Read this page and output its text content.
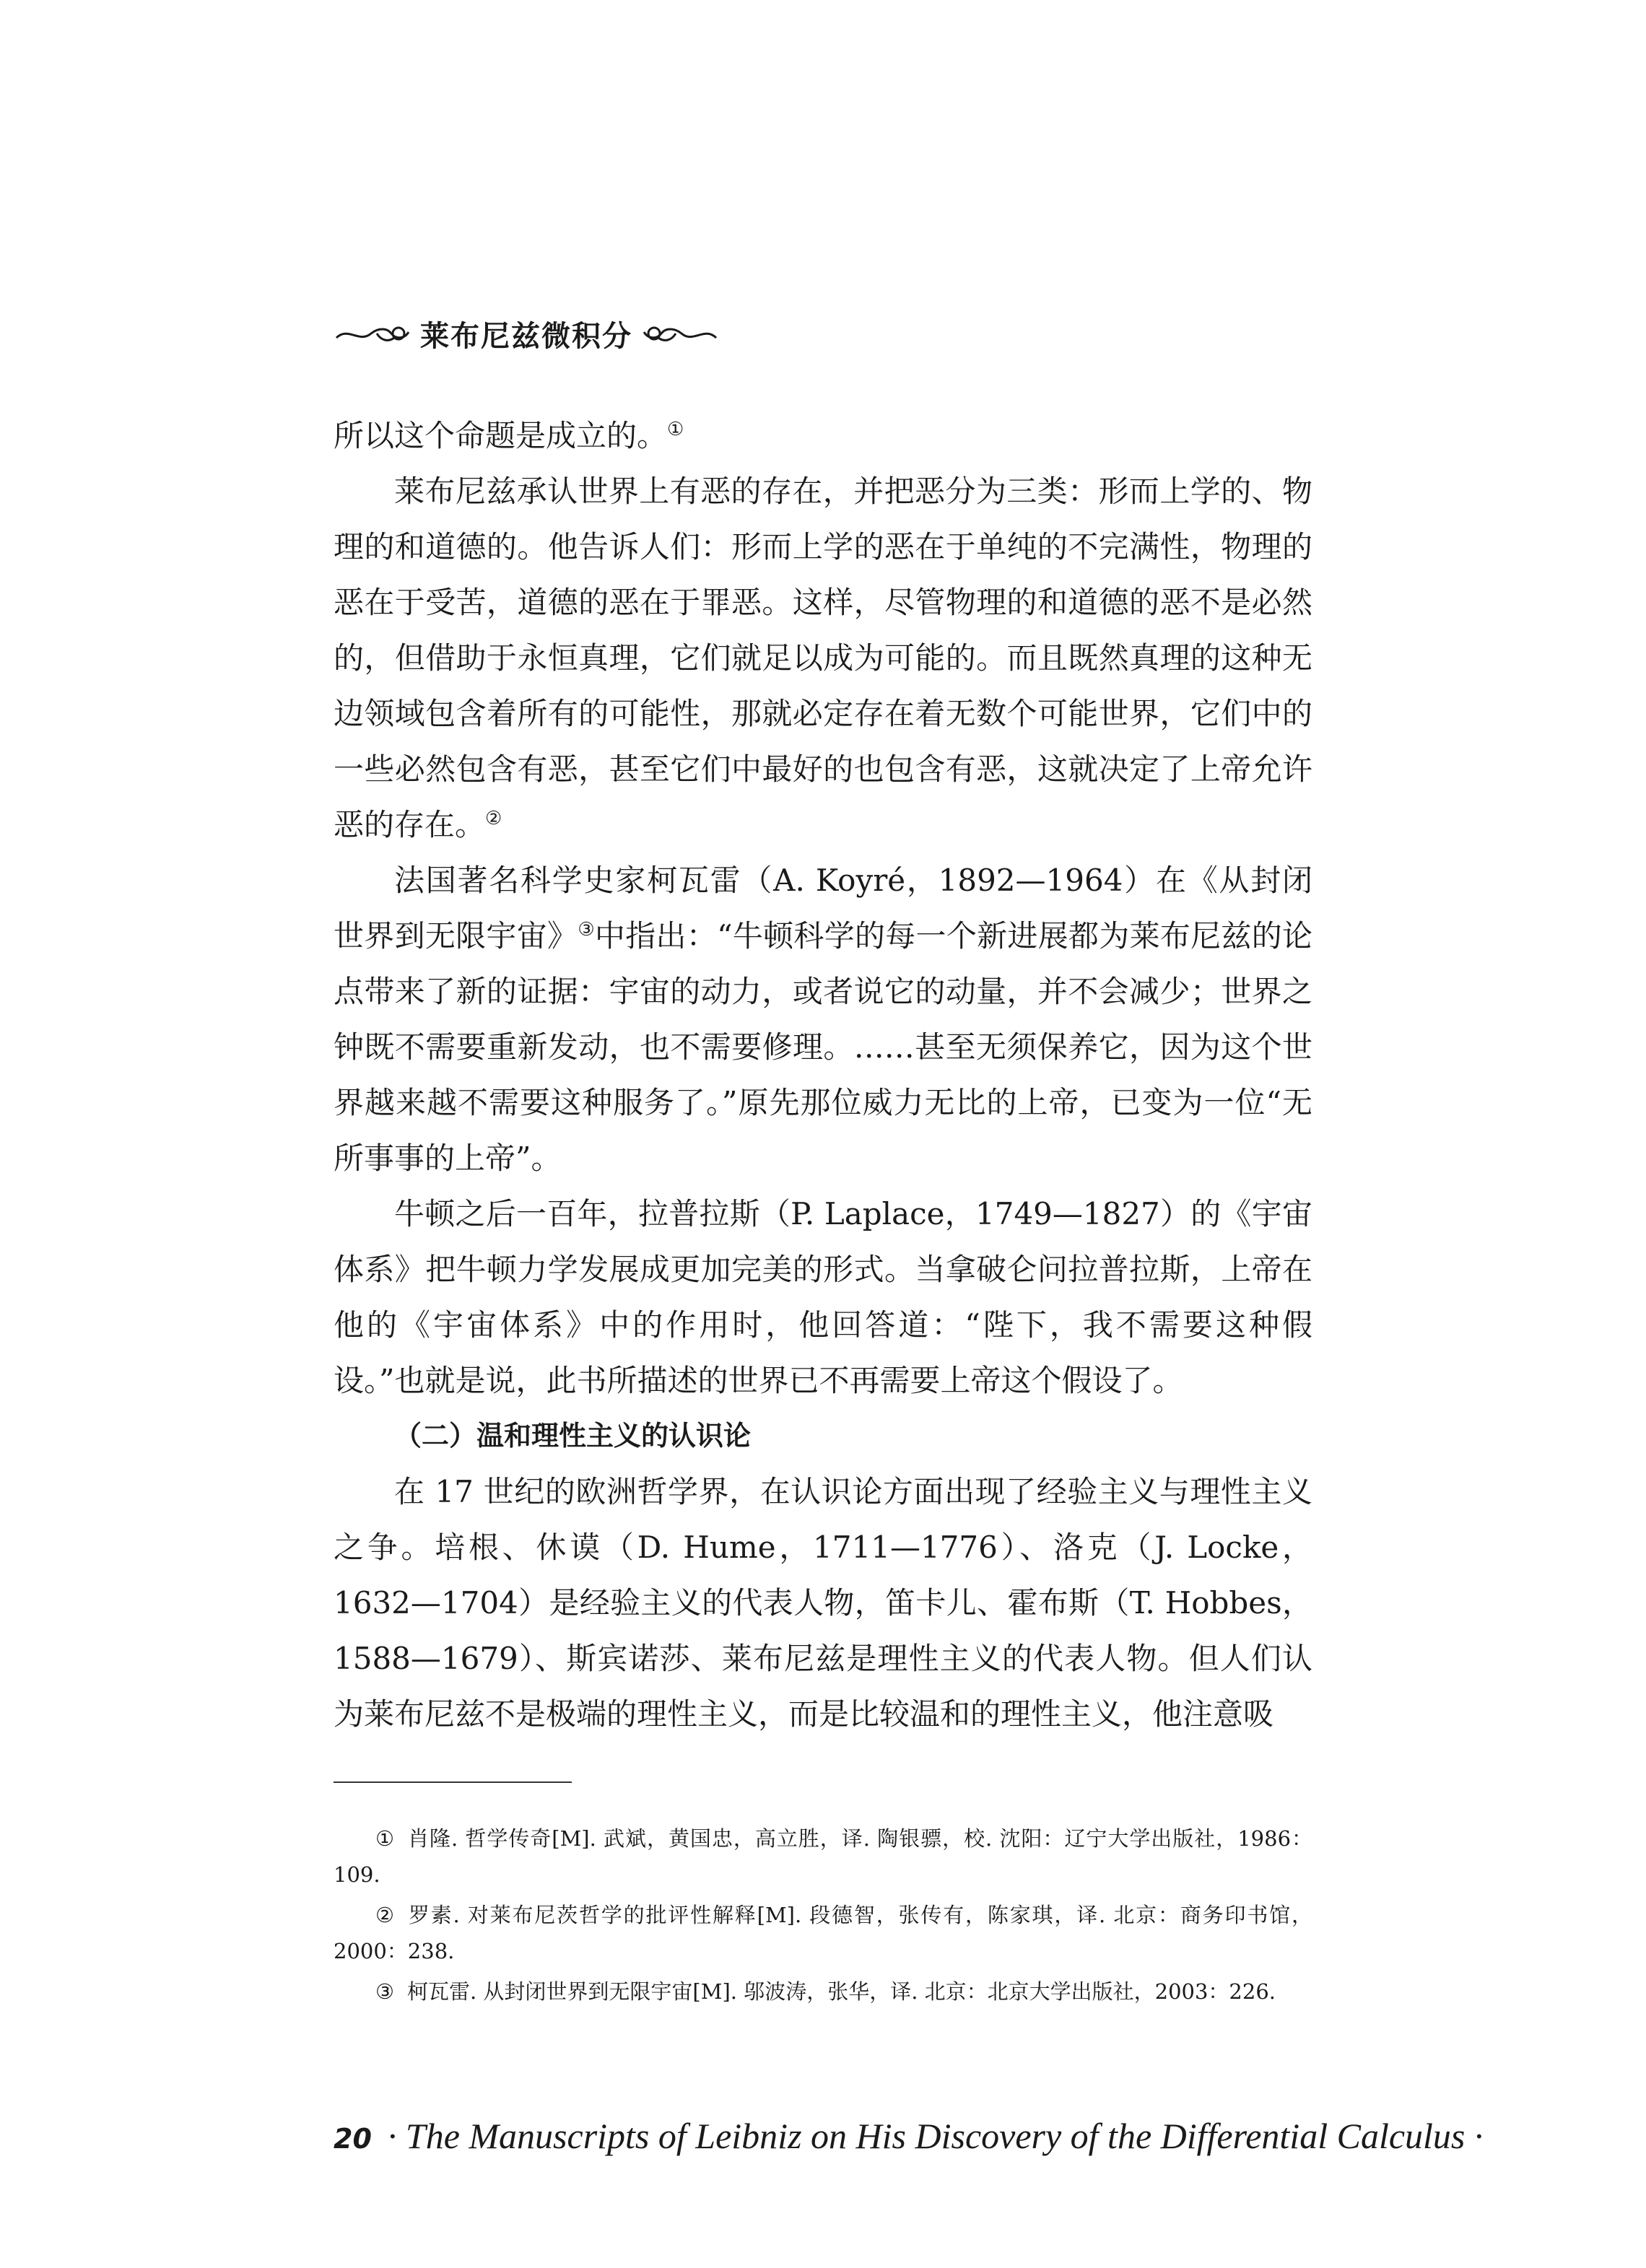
莱布尼兹微积分

所以这个命题是成立的。①

莱布尼兹承认世界上有恶的存在，并把恶分为三类：形而上学的、物理的和道德的。他告诉人们：形而上学的恶在于单纯的不完满性，物理的恶在于受苦，道德的恶在于罪恶。这样，尽管物理的和道德的恶不是必然的，但借助于永恒真理，它们就足以成为可能的。而且既然真理的这种无边领域包含着所有的可能性，那就必定存在着无数个可能世界，它们中的一些必然包含有恶，甚至它们中最好的也包含有恶，这就决定了上帝允许恶的存在。②

法国著名科学史家柯瓦雷（A. Koyré，1892—1964）在《从封闭世界到无限宇宙》③中指出：“牛顿科学的每一个新进展都为莱布尼兹的论点带来了新的证据：宇宙的动力，或者说它的动量，并不会减少；世界之钟既不需要重新发动，也不需要修理。……甚至无须保养它，因为这个世界越来越不需要这种服务了。”原先那位威力无比的上帝，已变为一位“无所事事的上帝”。

牛顿之后一百年，拉普拉斯（P. Laplace，1749—1827）的《宇宙体系》把牛顿力学发展成更加完美的形式。当拿破仑问拉普拉斯，上帝在他的《宇宙体系》中的作用时，他回答道：“陛下，我不需要这种假设。”也就是说，此书所描述的世界已不再需要上帝这个假设了。

（二）温和理性主义的认识论

在 17 世纪的欧洲哲学界，在认识论方面出现了经验主义与理性主义之争。培根、休谟（D. Hume，1711—1776）、洛克（J. Locke，1632—1704）是经验主义的代表人物，笛卡儿、霍布斯（T. Hobbes，1588—1679）、斯宾诺莎、莱布尼兹是理性主义的代表人物。但人们认为莱布尼兹不是极端的理性主义，而是比较温和的理性主义，他注意吸

① 肖隆. 哲学传奇[M]. 武斌，黄国忠，高立胜，译. 陶银骠，校. 沈阳：辽宁大学出版社，1986：109.

② 罗素. 对莱布尼茨哲学的批评性解释[M]. 段德智，张传有，陈家琪，译. 北京：商务印书馆，2000：238.

③ 柯瓦雷. 从封闭世界到无限宇宙[M]. 邬波涛，张华，译. 北京：北京大学出版社，2003：226.

20 · The Manuscripts of Leibniz on His Discovery of the Differential Calculus ·
